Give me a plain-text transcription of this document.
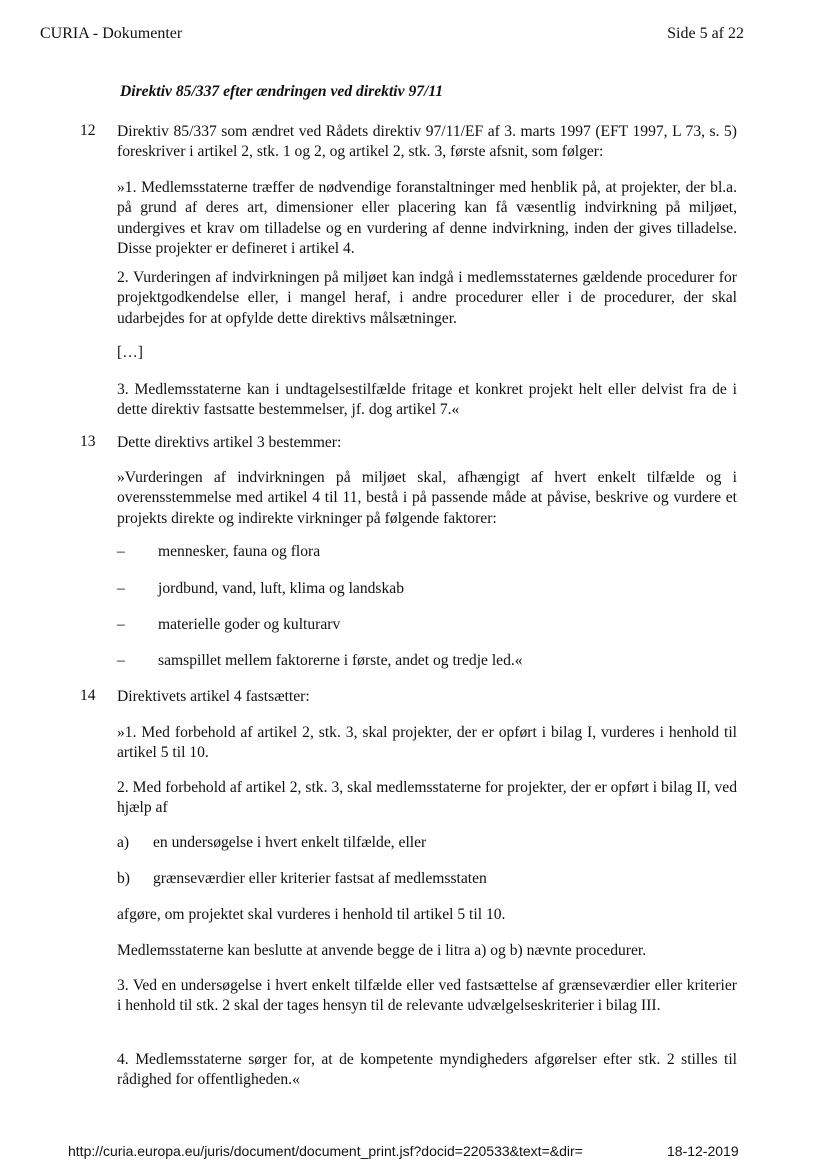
CURIA - Dokumenter	Side 5 af 22
Direktiv 85/337 efter ændringen ved direktiv 97/11
12 Direktiv 85/337 som ændret ved Rådets direktiv 97/11/EF af 3. marts 1997 (EFT 1997, L 73, s. 5) foreskriver i artikel 2, stk. 1 og 2, og artikel 2, stk. 3, første afsnit, som følger:
»1. Medlemsstaterne træffer de nødvendige foranstaltninger med henblik på, at projekter, der bl.a. på grund af deres art, dimensioner eller placering kan få væsentlig indvirkning på miljøet, undergives et krav om tilladelse og en vurdering af denne indvirkning, inden der gives tilladelse. Disse projekter er defineret i artikel 4.
2. Vurderingen af indvirkningen på miljøet kan indgå i medlemsstaternes gældende procedurer for projektgodkendelse eller, i mangel heraf, i andre procedurer eller i de procedurer, der skal udarbejdes for at opfylde dette direktivs målsætninger.
[…]
3. Medlemsstaterne kan i undtagelsestilfælde fritage et konkret projekt helt eller delvist fra de i dette direktiv fastsatte bestemmelser, jf. dog artikel 7.«
13 Dette direktivs artikel 3 bestemmer:
»Vurderingen af indvirkningen på miljøet skal, afhængigt af hvert enkelt tilfælde og i overensstemmelse med artikel 4 til 11, bestå i på passende måde at påvise, beskrive og vurdere et projekts direkte og indirekte virkninger på følgende faktorer:
– mennesker, fauna og flora
– jordbund, vand, luft, klima og landskab
– materielle goder og kulturarv
– samspillet mellem faktorerne i første, andet og tredje led.«
14 Direktivets artikel 4 fastsætter:
»1. Med forbehold af artikel 2, stk. 3, skal projekter, der er opført i bilag I, vurderes i henhold til artikel 5 til 10.
2. Med forbehold af artikel 2, stk. 3, skal medlemsstaterne for projekter, der er opført i bilag II, ved hjælp af
a) en undersøgelse i hvert enkelt tilfælde, eller
b) grænseværdier eller kriterier fastsat af medlemsstaten
afgøre, om projektet skal vurderes i henhold til artikel 5 til 10.
Medlemsstaterne kan beslutte at anvende begge de i litra a) og b) nævnte procedurer.
3. Ved en undersøgelse i hvert enkelt tilfælde eller ved fastsættelse af grænseværdier eller kriterier i henhold til stk. 2 skal der tages hensyn til de relevante udvælgelseskriterier i bilag III.
4. Medlemsstaterne sørger for, at de kompetente myndigheders afgørelser efter stk. 2 stilles til rådighed for offentligheden.«
http://curia.europa.eu/juris/document/document_print.jsf?docid=220533&text=&dir=	18-12-2019
